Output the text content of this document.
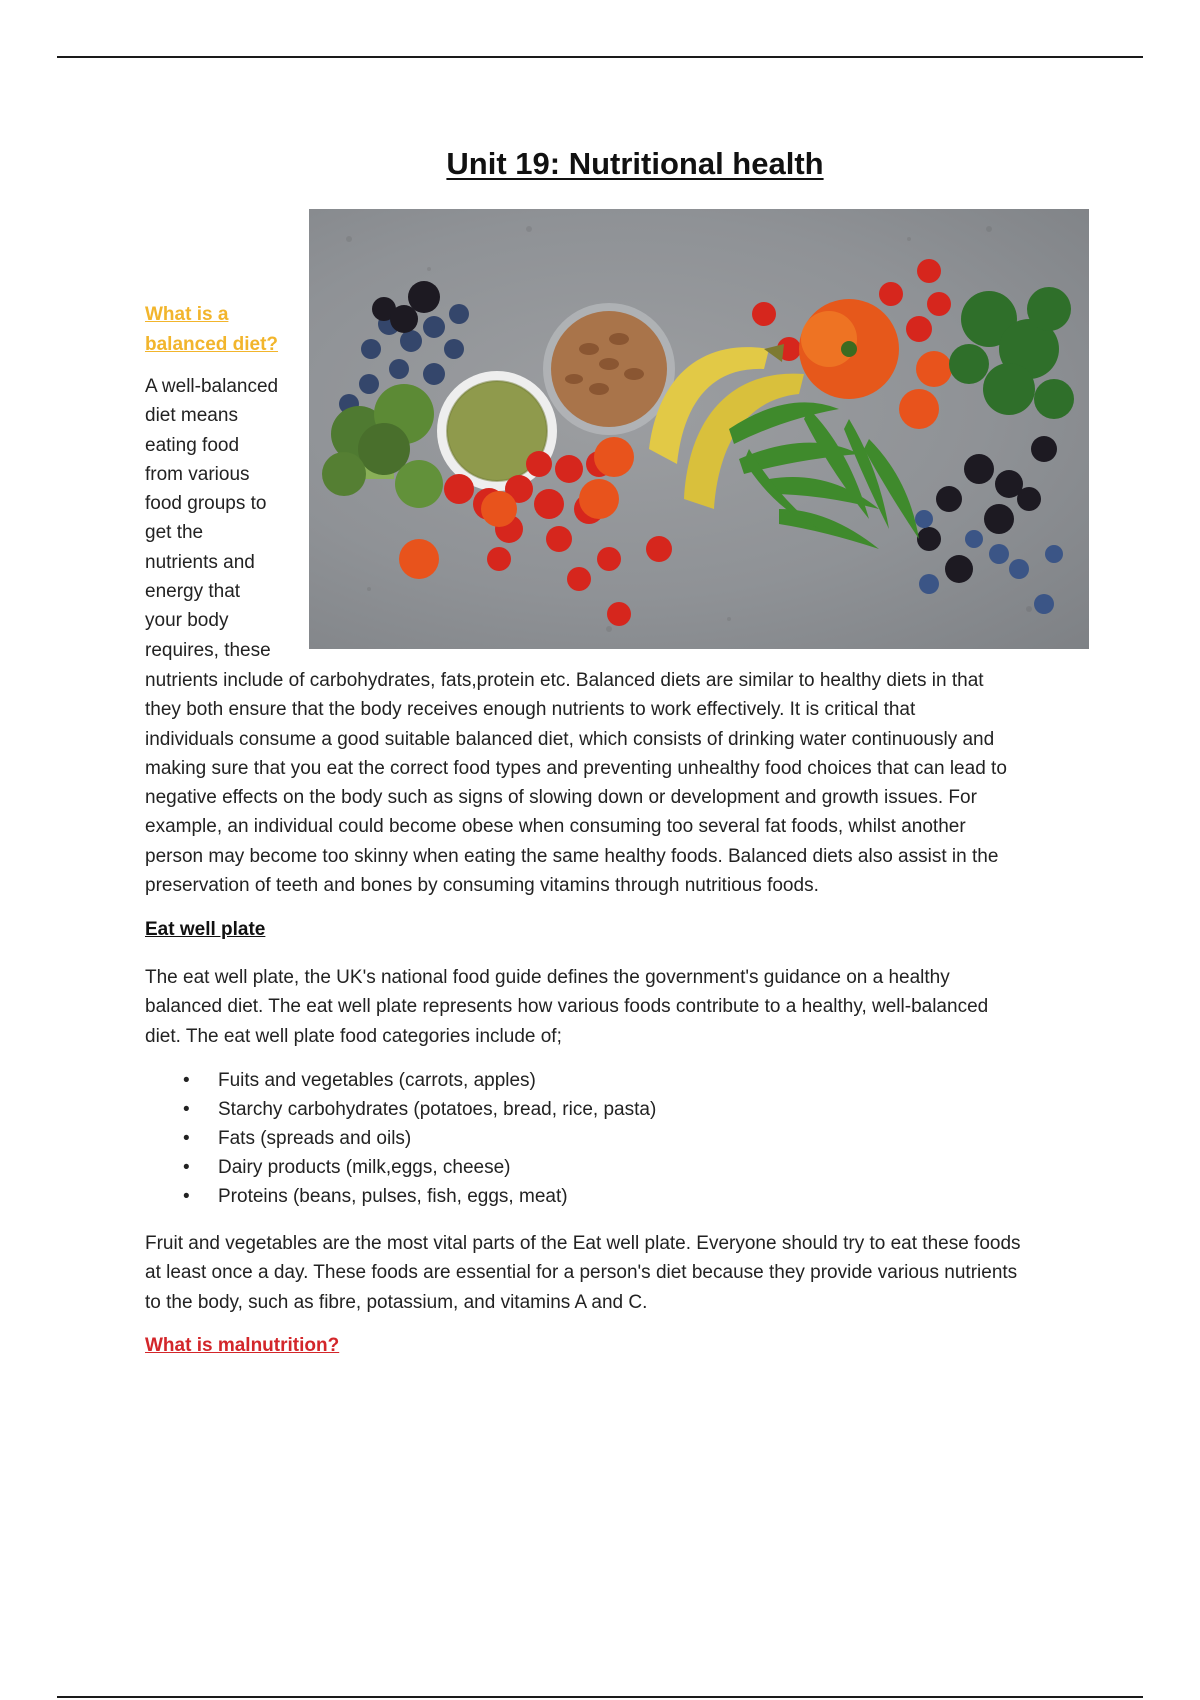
Unit 19: Nutritional health
What is a balanced diet?
A well-balanced
diet means
eating food
from various
food groups to
get the
nutrients and
energy that
your body
requires, these
nutrients include of carbohydrates, fats,protein etc. Balanced diets are similar to healthy diets in that
they both ensure that the body receives enough nutrients to work effectively. It is critical that
individuals consume a good suitable balanced diet, which consists of drinking water continuously and
making sure that you eat the correct food types and preventing unhealthy food choices that can lead to
negative effects on the body such as signs of slowing down or development and growth issues. For
example, an individual could become obese when consuming too several fat foods, whilst another
person may become too skinny when eating the same healthy foods. Balanced diets also assist in the
preservation of teeth and bones by consuming vitamins through nutritious foods.
Eat well plate
The eat well plate, the UK's national food guide defines the government's guidance on a healthy
balanced diet. The eat well plate represents how various foods contribute to a healthy, well-balanced
diet. The eat well plate food categories include of;
• Fuits and vegetables (carrots, apples)
• Starchy carbohydrates (potatoes, bread, rice, pasta)
• Fats (spreads and oils)
• Dairy products (milk,eggs, cheese)
• Proteins (beans, pulses, fish, eggs, meat)
Fruit and vegetables are the most vital parts of the Eat well plate. Everyone should try to eat these foods
at least once a day. These foods are essential for a person's diet because they provide various nutrients
to the body, such as fibre, potassium, and vitamins A and C.
What is malnutrition?
